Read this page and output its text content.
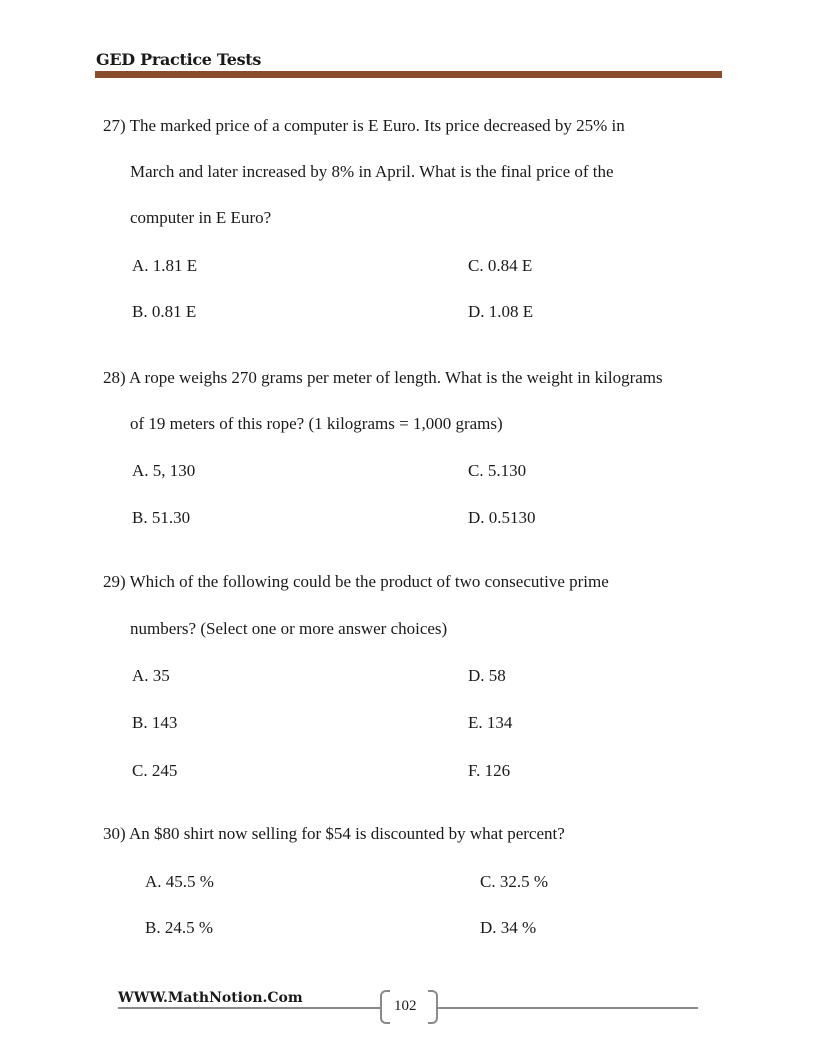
GED Practice Tests
27) The marked price of a computer is E Euro. Its price decreased by 25% in
March and later increased by 8% in April. What is the final price of the
computer in E Euro?
A. 1.81 E	C. 0.84 E
B. 0.81 E	D. 1.08 E
28) A rope weighs 270 grams per meter of length. What is the weight in kilograms
of 19 meters of this rope? (1 kilograms = 1,000 grams)
A. 5, 130	C. 5.130
B. 51.30	D. 0.5130
29) Which of the following could be the product of two consecutive prime
numbers? (Select one or more answer choices)
A. 35	D. 58
B. 143	E. 134
C. 245	F. 126
30) An $80 shirt now selling for $54 is discounted by what percent?
A. 45.5 %	C. 32.5 %
B. 24.5 %	D. 34 %
WWW.MathNotion.Com	102
